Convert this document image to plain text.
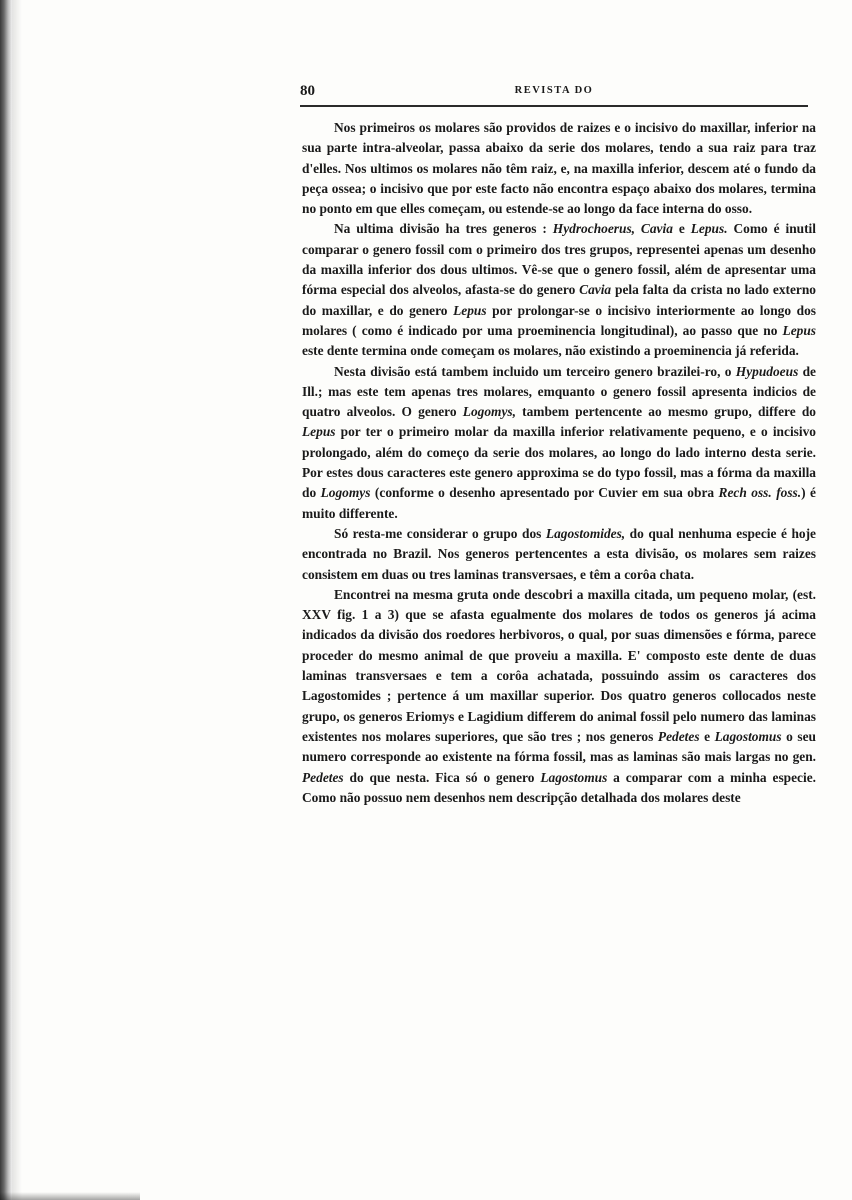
80	REVISTA DO

Nos primeiros os molares são providos de raizes e o incisivo do maxillar, inferior na sua parte intra-alveolar, passa abaixo da serie dos molares, tendo a sua raiz para traz d'elles. Nos ultimos os molares não têm raiz, e, na maxilla inferior, descem até o fundo da peça ossea; o incisivo que por este facto não encontra espaço abaixo dos molares, termina no ponto em que elles começam, ou estende-se ao longo da face interna do osso.

Na ultima divisão ha tres generos : Hydrochoerus, Cavia e Lepus. Como é inutil comparar o genero fossil com o primeiro dos tres grupos, representei apenas um desenho da maxilla inferior dos dous ultimos. Vê-se que o genero fossil, além de apresentar uma fórma especial dos alveolos, afasta-se do genero Cavia pela falta da crista no lado externo do maxillar, e do genero Lepus por prolongar-se o incisivo interiormente ao longo dos molares ( como é indicado por uma proeminencia longitudinal), ao passo que no Lepus este dente termina onde começam os molares, não existindo a proeminencia já referida.

Nesta divisão está tambem incluido um terceiro genero brazilei-ro, o Hypudoeus de Ill.; mas este tem apenas tres molares, emquanto o genero fossil apresenta indicios de quatro alveolos. O genero Logomys, tambem pertencente ao mesmo grupo, differe do Lepus por ter o primeiro molar da maxilla inferior relativamente pequeno, e o incisivo prolongado, além do começo da serie dos molares, ao longo do lado interno desta serie. Por estes dous caracteres este genero approxima se do typo fossil, mas a fórma da maxilla do Logomys (conforme o desenho apresentado por Cuvier em sua obra Rech oss. foss.) é muito differente.

Só resta-me considerar o grupo dos Lagostomides, do qual nenhuma especie é hoje encontrada no Brazil. Nos generos pertencentes a esta divisão, os molares sem raizes consistem em duas ou tres laminas transversaes, e têm a corôa chata.

Encontrei na mesma gruta onde descobri a maxilla citada, um pequeno molar, (est. XXV fig. 1 a 3) que se afasta egualmente dos molares de todos os generos já acima indicados da divisão dos roedores herbivoros, o qual, por suas dimensões e fórma, parece proceder do mesmo animal de que proveiu a maxilla. E' composto este dente de duas laminas transversaes e tem a corôa achatada, possuindo assim os caracteres dos Lagostomides ; pertence á um maxillar superior. Dos quatro generos collocados neste grupo, os generos Eriomys e Lagidium differem do animal fossil pelo numero das laminas existentes nos molares superiores, que são tres ; nos generos Pedetes e Lagostomus o seu numero corresponde ao existente na fórma fossil, mas as laminas são mais largas no gen. Pedetes do que nesta. Fica só o genero Lagostomus a comparar com a minha especie. Como não possuo nem desenhos nem descripção detalhada dos molares deste
